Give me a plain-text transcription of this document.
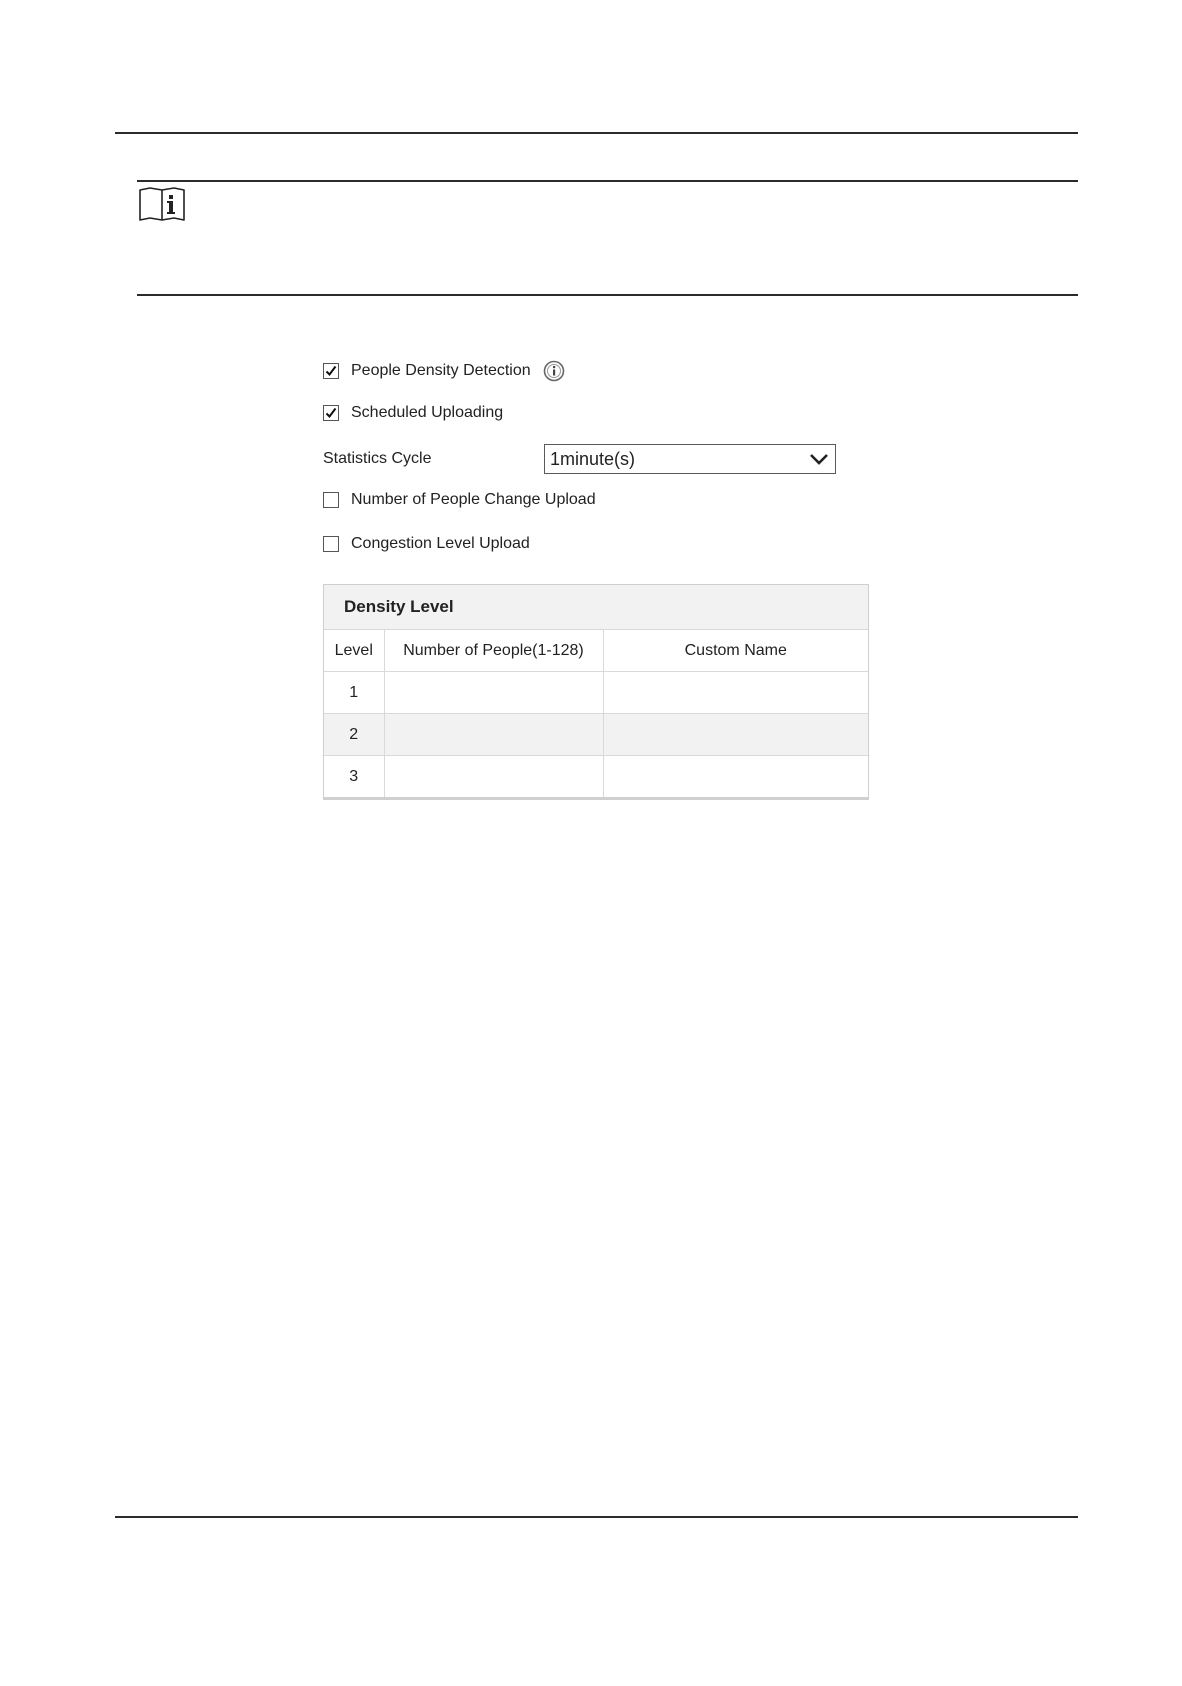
People Density Detection
Scheduled Uploading
Statistics Cycle	1minute(s)
Number of People Change Upload
Congestion Level Upload
Density Level
Level	Number of People(1-128)	Custom Name
1		
2		
3		
